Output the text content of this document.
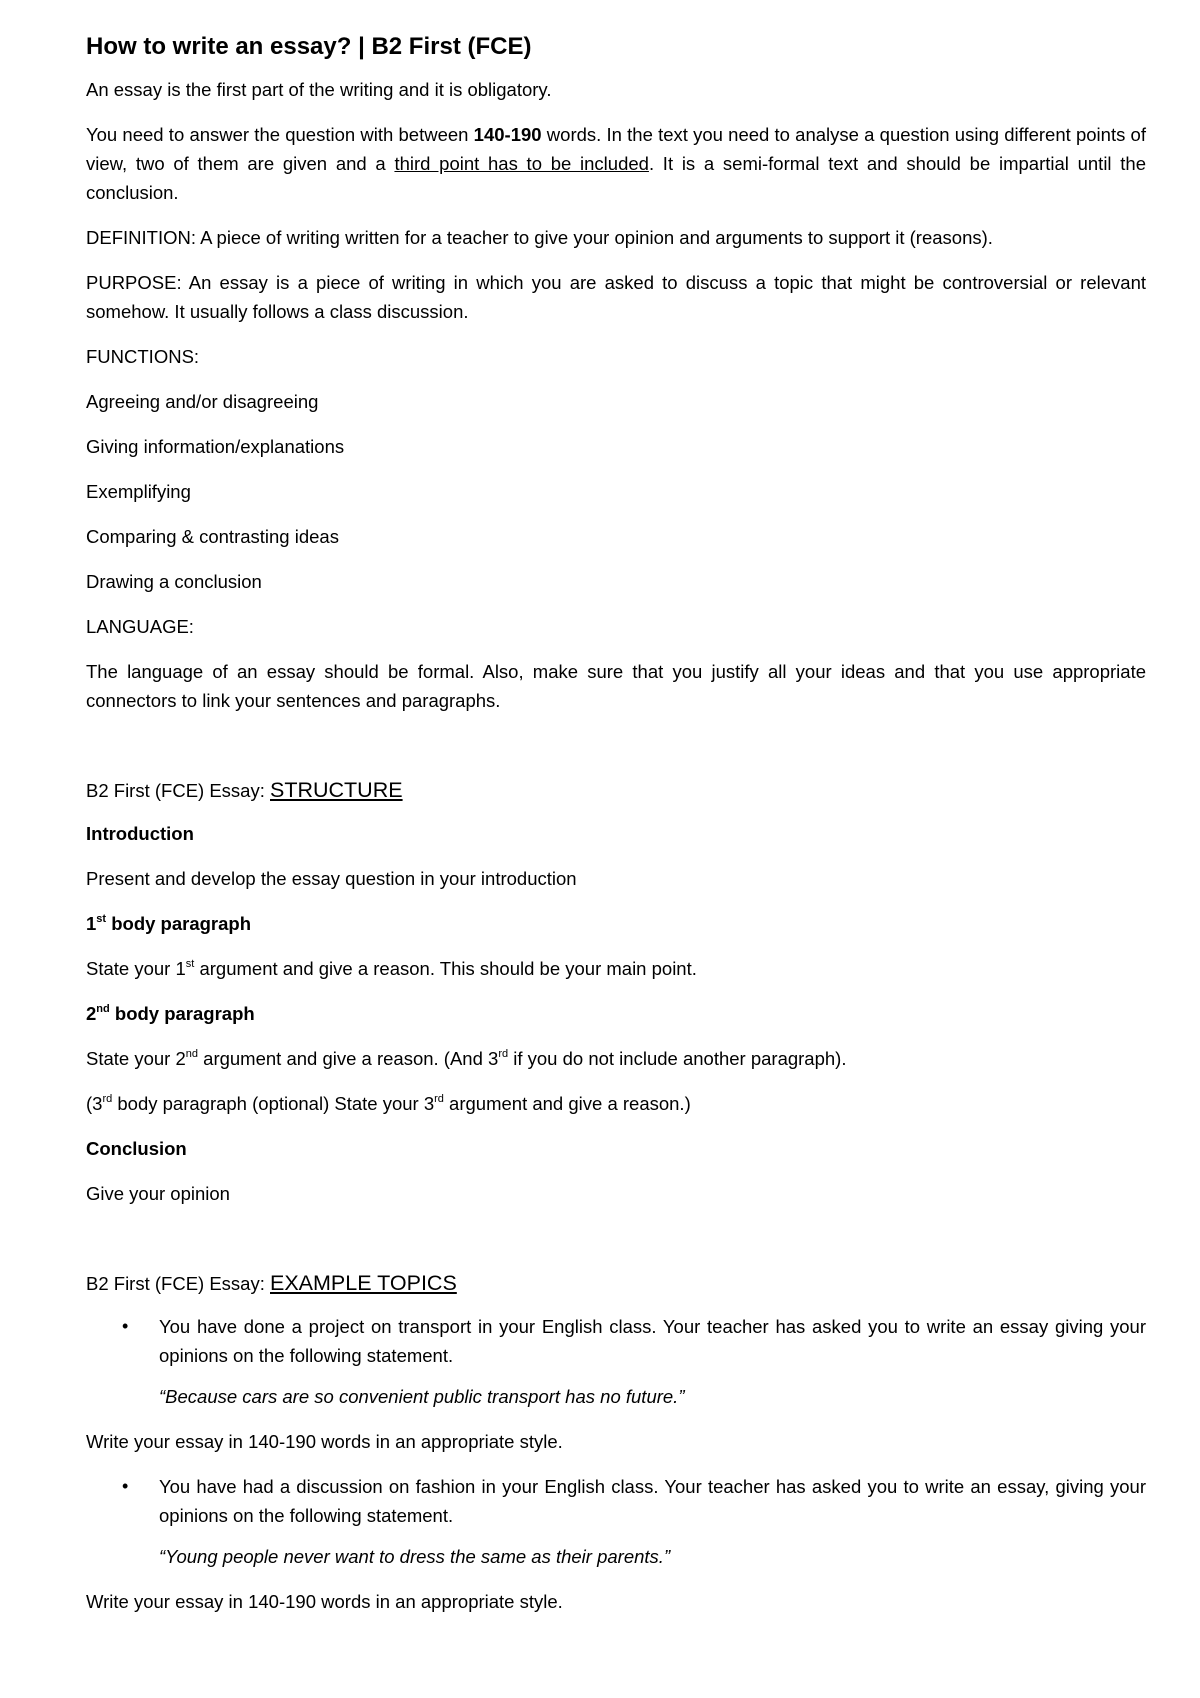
How to write an essay? | B2 First (FCE)

An essay is the first part of the writing and it is obligatory.

You need to answer the question with between 140-190 words. In the text you need to analyse a question using different points of view, two of them are given and a third point has to be included. It is a semi-formal text and should be impartial until the conclusion.

DEFINITION: A piece of writing written for a teacher to give your opinion and arguments to support it (reasons).

PURPOSE: An essay is a piece of writing in which you are asked to discuss a topic that might be controversial or relevant somehow. It usually follows a class discussion.

FUNCTIONS:

Agreeing and/or disagreeing

Giving information/explanations

Exemplifying

Comparing & contrasting ideas

Drawing a conclusion

LANGUAGE:

The language of an essay should be formal. Also, make sure that you justify all your ideas and that you use appropriate connectors to link your sentences and paragraphs.

B2 First (FCE) Essay: STRUCTURE

Introduction

Present and develop the essay question in your introduction

1st body paragraph

State your 1st argument and give a reason. This should be your main point.

2nd body paragraph

State your 2nd argument and give a reason. (And 3rd if you do not include another paragraph).

(3rd body paragraph (optional) State your 3rd argument and give a reason.)

Conclusion

Give your opinion

B2 First (FCE) Essay: EXAMPLE TOPICS

• You have done a project on transport in your English class. Your teacher has asked you to write an essay giving your opinions on the following statement.

“Because cars are so convenient public transport has no future.”

Write your essay in 140-190 words in an appropriate style.

• You have had a discussion on fashion in your English class. Your teacher has asked you to write an essay, giving your opinions on the following statement.

“Young people never want to dress the same as their parents.”

Write your essay in 140-190 words in an appropriate style.
